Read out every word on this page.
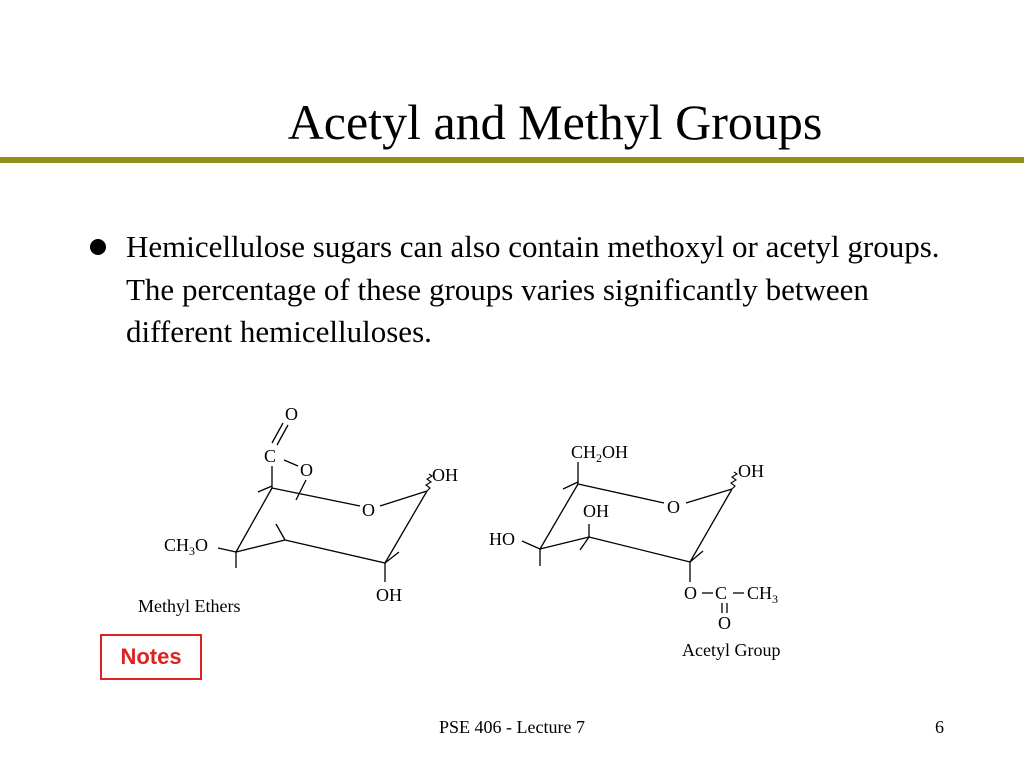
Acetyl and Methyl Groups

Hemicellulose sugars can also contain methoxyl or acetyl groups. The percentage of these groups varies significantly between different hemicelluloses.

O
C
O	OH
O
$CH_3O$
OH
Methyl Ethers
$CH_2OH$
OH
O
OH
HO
O C $CH_3$
O
Acetyl Group
Notes
PSE 406 - Lecture 7	6
